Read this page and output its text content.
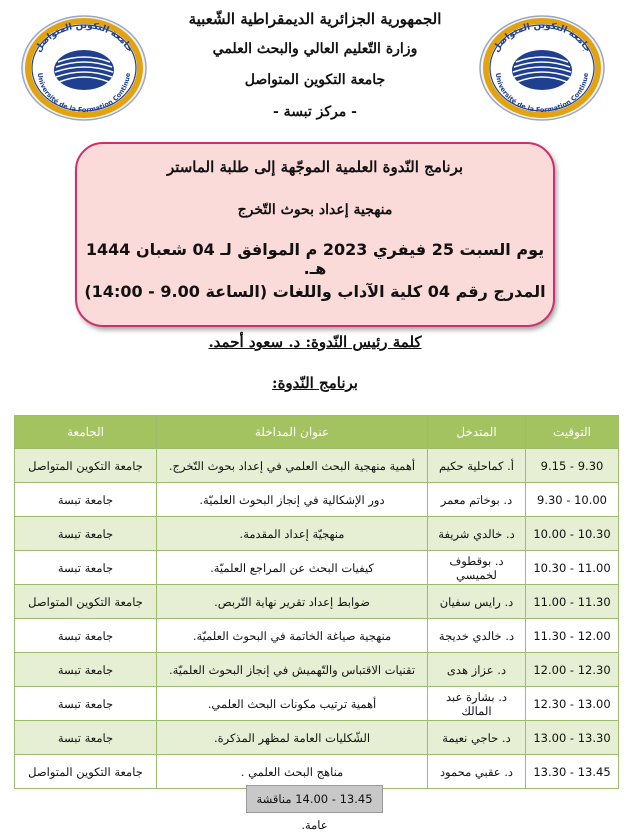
جامعة التكوين المتواصل
Université de la Formation Continue
جامعة التكوين المتواصل
Université de la Formation Continue
الجمهورية الجزائرية الديمقراطية الشّعبية
وزارة التّعليم العالي والبحث العلمي
جامعة التكوين المتواصل
- مركز تبسة -
برنامج النّدوة العلمية الموجّهة إلى طلبة الماستر
منهجية إعداد بحوث التّخرج
يوم السبت 25 فيفري 2023 م الموافق لـ 04 شعبان 1444 هـ.
المدرج رقم 04 كلية الآداب واللغات (الساعة 9.00 - 14:00)
كلمة رئيس النّدوة: د. سعود أحمد.
برنامج النّدوة:
التوقيت	المتدخل	عنوان المداخلة	الجامعة
9.15 - 9.30	أ. كماحلية حكيم	أهمية منهجية البحث العلمي في إعداد بحوث التّخرج.	جامعة التكوين المتواصل
9.30 - 10.00	د. بوخاتم معمر	دور الإشكالية في إنجاز البحوث العلميّة.	جامعة تبسة
10.00 - 10.30	د. خالدي شريفة	منهجيّة إعداد المقدمة.	جامعة تبسة
10.30 - 11.00	د. بوقطوف لخميسي	كيفيات البحث عن المراجع العلميّة.	جامعة تبسة
11.00 - 11.30	د. رايس سفيان	ضوابط إعداد تقرير نهاية التّربص.	جامعة التكوين المتواصل
11.30 - 12.00	د. خالدي خديجة	منهجية صياغة الخاتمة في البحوث العلميّة.	جامعة تبسة
12.00 - 12.30	د. عزاز هدى	تقنيات الاقتباس والتّهميش في إنجاز البحوث العلميّة.	جامعة تبسة
12.30 - 13.00	د. بشارة عبد المالك	أهمية ترتيب مكونات البحث العلمي.	جامعة تبسة
13.00 - 13.30	د. حاجي نعيمة	الشّكليات العامة لمظهر المذكرة.	جامعة تبسة
13.30 - 13.45	د. عقبي محمود	مناهج البحث العلمي .	جامعة التكوين المتواصل
13.45 - 14.00 مناقشة عامة.
